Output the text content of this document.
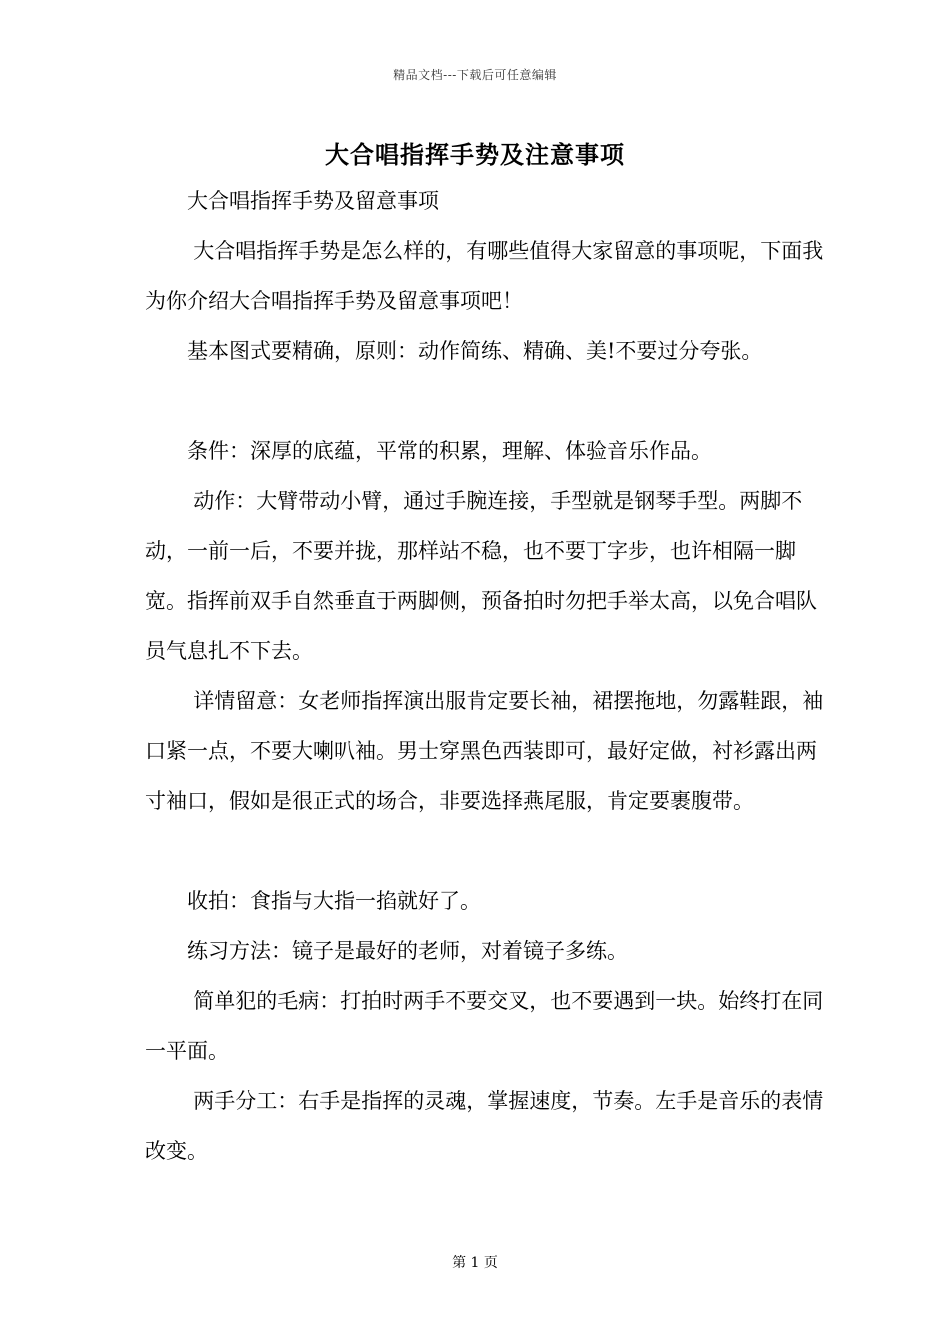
精品文档---下载后可任意编辑
大合唱指挥手势及注意事项

大合唱指挥手势及留意事项

大合唱指挥手势是怎么样的，有哪些值得大家留意的事项呢，下面我为你介绍大合唱指挥手势及留意事项吧！

基本图式要精确，原则：动作简练、精确、美!不要过分夸张。

条件：深厚的底蕴，平常的积累，理解、体验音乐作品。

动作：大臂带动小臂，通过手腕连接，手型就是钢琴手型。两脚不动，一前一后，不要并拢，那样站不稳，也不要丁字步，也许相隔一脚宽。指挥前双手自然垂直于两脚侧，预备拍时勿把手举太高，以免合唱队员气息扎不下去。

详情留意：女老师指挥演出服肯定要长袖，裙摆拖地，勿露鞋跟，袖口紧一点，不要大喇叭袖。男士穿黑色西装即可，最好定做，衬衫露出两寸袖口，假如是很正式的场合，非要选择燕尾服，肯定要裹腹带。

收拍：食指与大指一掐就好了。

练习方法：镜子是最好的老师，对着镜子多练。

简单犯的毛病：打拍时两手不要交叉，也不要遇到一块。始终打在同一平面。

两手分工：右手是指挥的灵魂，掌握速度，节奏。左手是音乐的表情改变。

第 1 页
